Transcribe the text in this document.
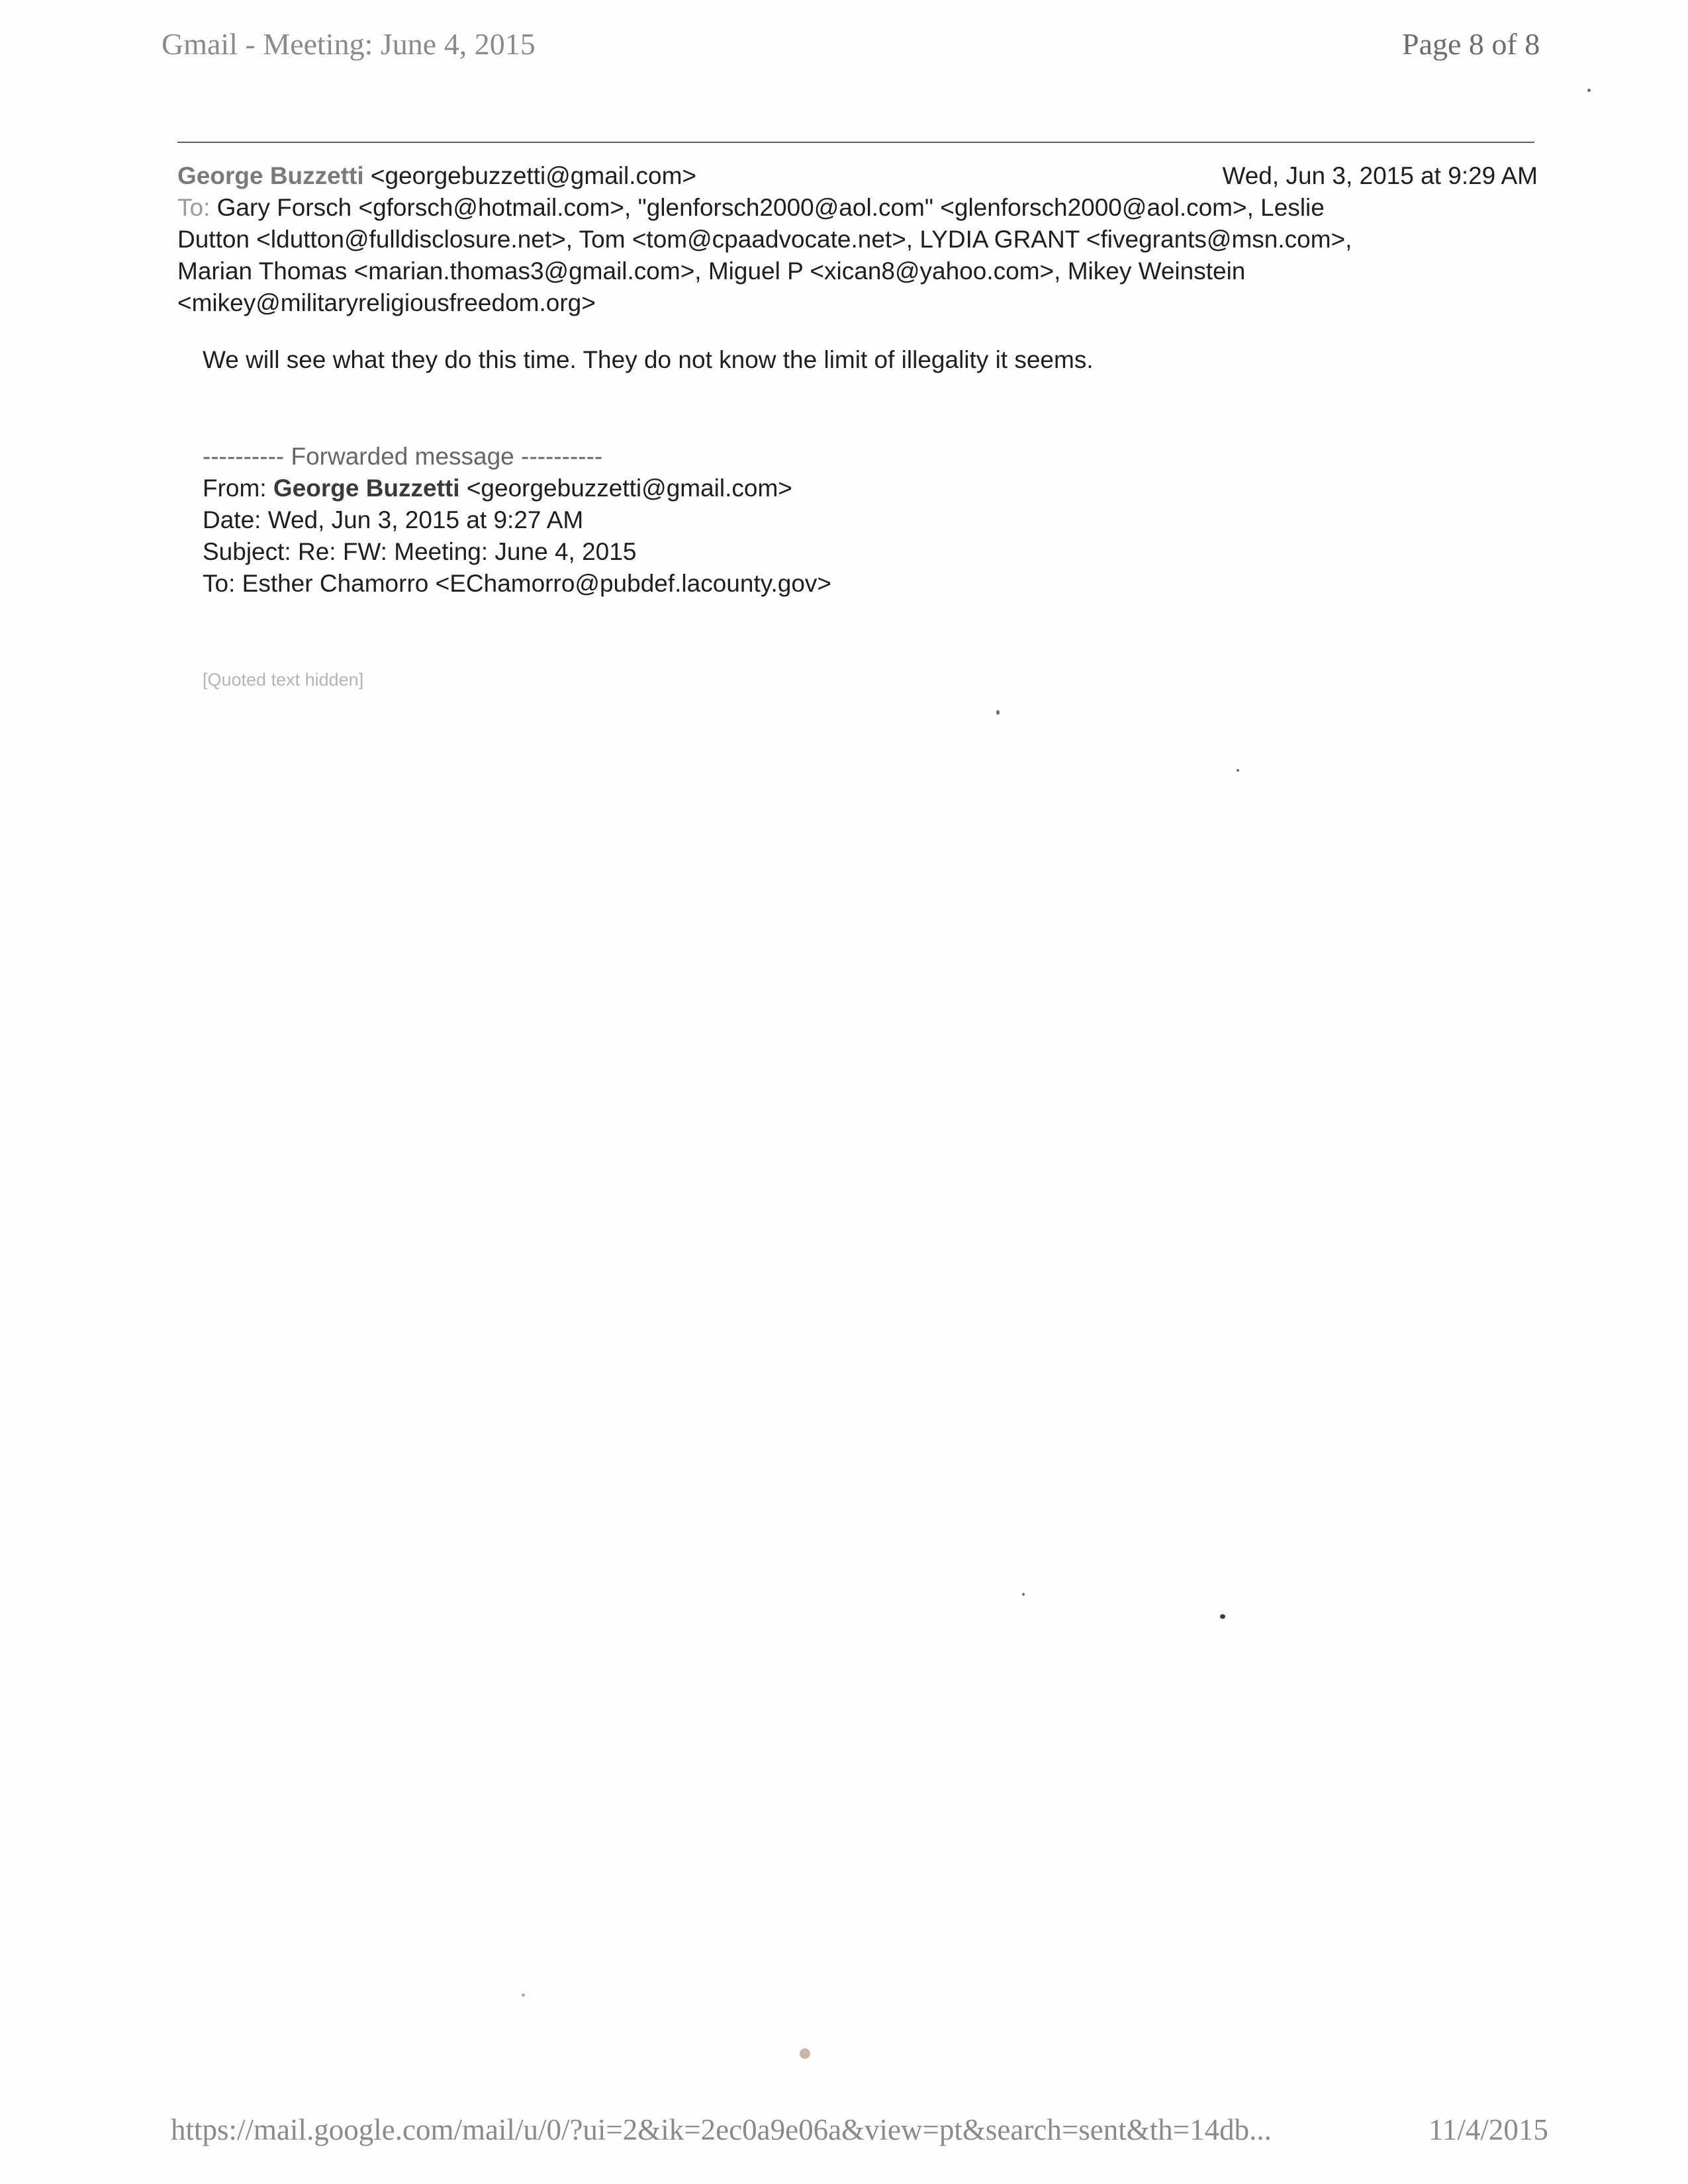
Gmail - Meeting: June 4, 2015	Page 8 of 8
George Buzzetti <georgebuzzetti@gmail.com>	Wed, Jun 3, 2015 at 9:29 AM
To: Gary Forsch <gforsch@hotmail.com>, "glenforsch2000@aol.com" <glenforsch2000@aol.com>, Leslie
Dutton <ldutton@fulldisclosure.net>, Tom <tom@cpaadvocate.net>, LYDIA GRANT <fivegrants@msn.com>,
Marian Thomas <marian.thomas3@gmail.com>, Miguel P <xican8@yahoo.com>, Mikey Weinstein
<mikey@militaryreligiousfreedom.org>
We will see what they do this time. They do not know the limit of illegality it seems.
---------- Forwarded message ----------
From: George Buzzetti <georgebuzzetti@gmail.com>
Date: Wed, Jun 3, 2015 at 9:27 AM
Subject: Re: FW: Meeting: June 4, 2015
To: Esther Chamorro <EChamorro@pubdef.lacounty.gov>
[Quoted text hidden]
https://mail.google.com/mail/u/0/?ui=2&ik=2ec0a9e06a&view=pt&search=sent&th=14db...	11/4/2015
